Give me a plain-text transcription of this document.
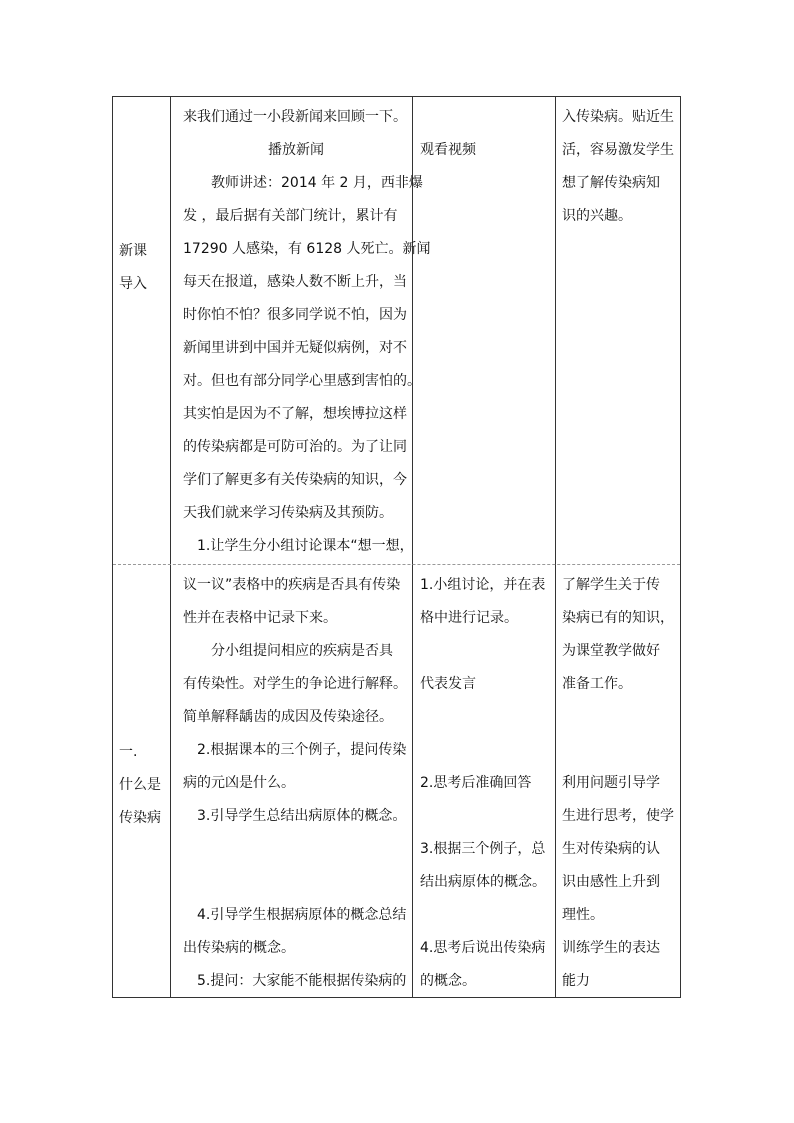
新课
导入
来我们通过一小段新闻来回顾一下。
播放新闻
　　教师讲述：2014 年 2 月，西非爆
发 ，最后据有关部门统计，累计有
17290 人感染，有 6128 人死亡。新闻
每天在报道，感染人数不断上升，当
时你怕不怕？很多同学说不怕，因为
新闻里讲到中国并无疑似病例，对不
对。但也有部分同学心里感到害怕的。
其实怕是因为不了解，想埃博拉这样
的传染病都是可防可治的。为了让同
学们了解更多有关传染病的知识，今
天我们就来学习传染病及其预防。
　1.让学生分小组讨论课本“想一想，
观看视频
入传染病。贴近生
活，容易激发学生
想了解传染病知
识的兴趣。
一.
什么是
传染病
议一议”表格中的疾病是否具有传染
性并在表格中记录下来。
　　分小组提问相应的疾病是否具
有传染性。对学生的争论进行解释。
简单解释龋齿的成因及传染途径。
　2.根据课本的三个例子，提问传染
病的元凶是什么。
　3.引导学生总结出病原体的概念。
　4.引导学生根据病原体的概念总结
出传染病的概念。
　5.提问：大家能不能根据传染病的
1.小组讨论，并在表
格中进行记录。
代表发言
2.思考后准确回答
3.根据三个例子，总
结出病原体的概念。
4.思考后说出传染病
的概念。
了解学生关于传
染病已有的知识，
为课堂教学做好
准备工作。
利用问题引导学
生进行思考，使学
生对传染病的认
识由感性上升到
理性。
训练学生的表达
能力
